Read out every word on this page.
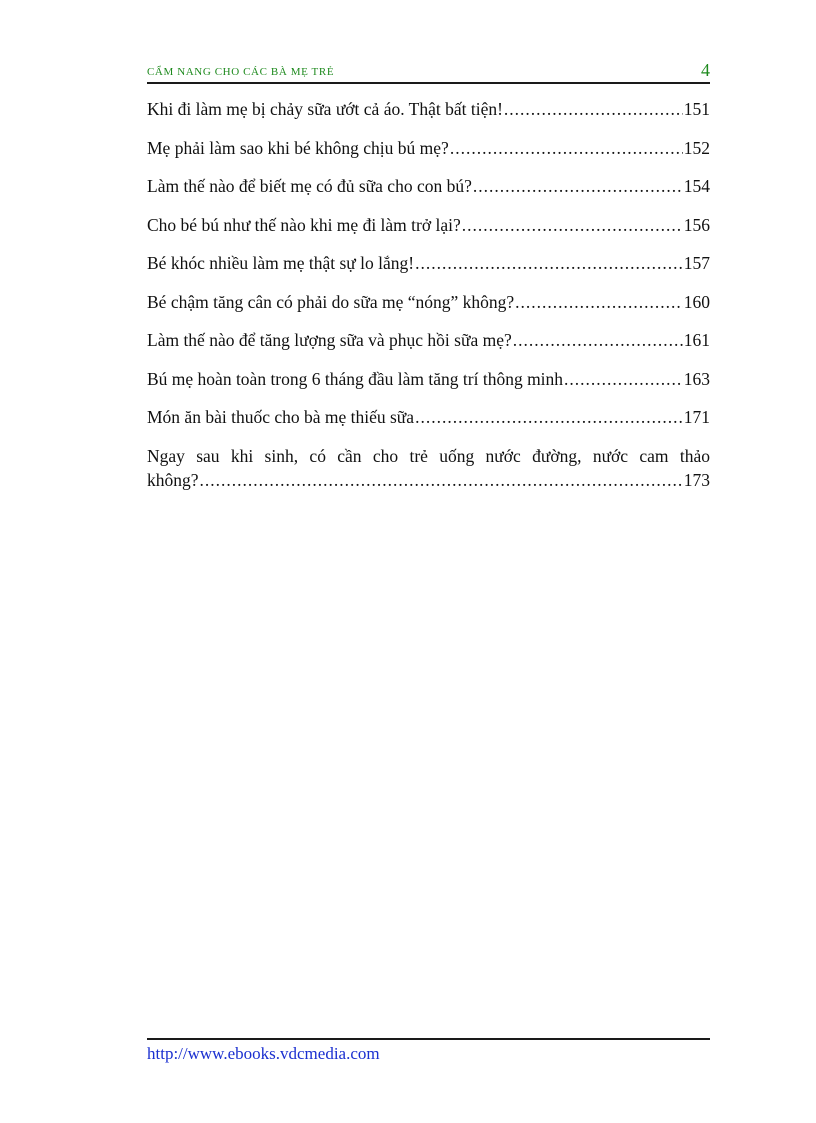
CẨM NANG CHO CÁC BÀ MẸ TRẺ	4
Khi đi làm mẹ bị chảy sữa ướt cả áo. Thật bất tiện! .....	151
Mẹ phải làm sao khi bé không chịu bú mẹ? .....	152
Làm thế nào để biết mẹ có đủ sữa cho con bú? .....	154
Cho bé bú như thế nào khi mẹ đi làm trở lại? .....	156
Bé khóc nhiều làm mẹ thật sự lo lắng! .....	157
Bé chậm tăng cân có phải do sữa mẹ “nóng” không? .....	160
Làm thế nào để tăng lượng sữa và phục hồi sữa mẹ? .....	161
Bú mẹ hoàn toàn trong 6 tháng đầu làm tăng trí thông minh .....	163
Món ăn bài thuốc cho bà mẹ thiếu sữa .....	171
Ngay sau khi sinh, có cần cho trẻ uống nước đường, nước cam thảo
không? .....	173
http://www.ebooks.vdcmedia.com
